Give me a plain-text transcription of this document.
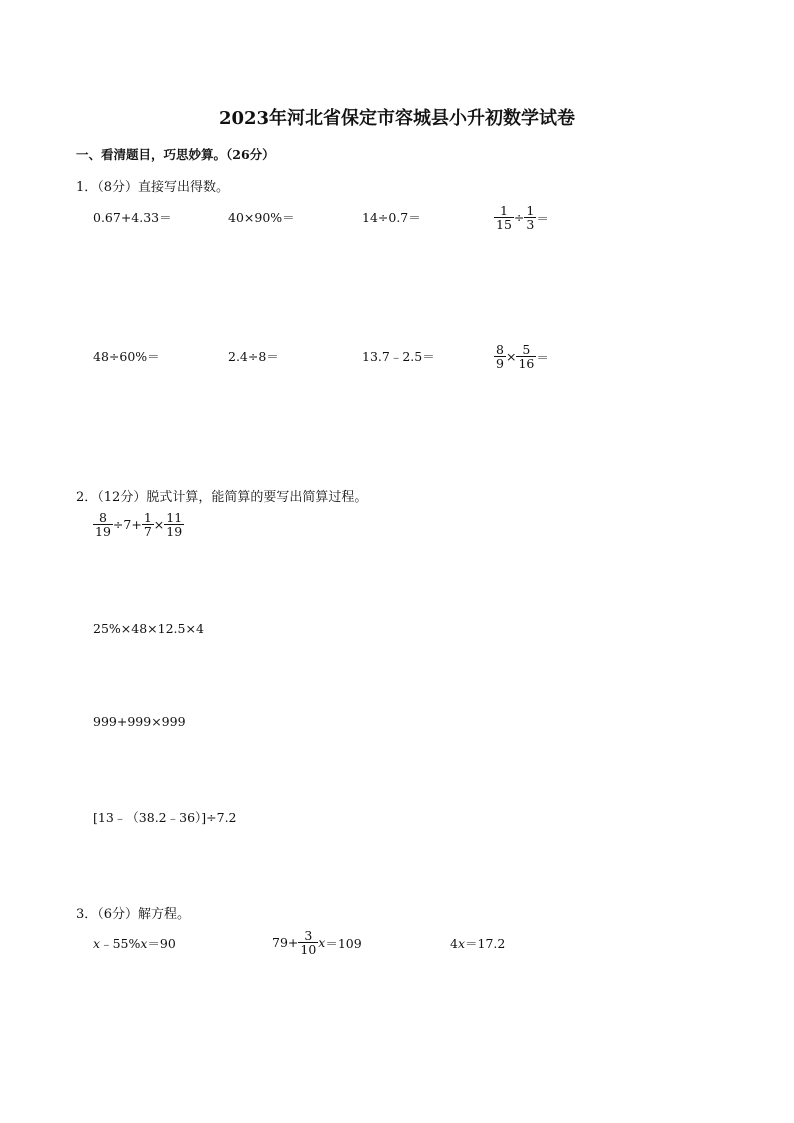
2023年河北省保定市容城县小升初数学试卷
一、看清题目，巧思妙算。（26分）
1．（8分）直接写出得数。
0.67+4.33＝	40×90%＝	14÷0.7＝	$\frac{1}{15} \div \frac{1}{3}$ ＝
48÷60%＝	2.4÷8＝	13.7﹣2.5＝	$\frac{8}{9} \times \frac{5}{16}$ ＝
2．（12分）脱式计算，能简算的要写出简算过程。
$\frac{8}{19} \div 7+ \frac{1}{7} \times \frac{11}{19}$
25%×48×12.5×4
999+999×999
[13﹣（38.2﹣36）]÷7.2
3．（6分）解方程。
x﹣55%x＝90	$79+ \frac{3}{10}$ x ＝109	4x＝17.2
